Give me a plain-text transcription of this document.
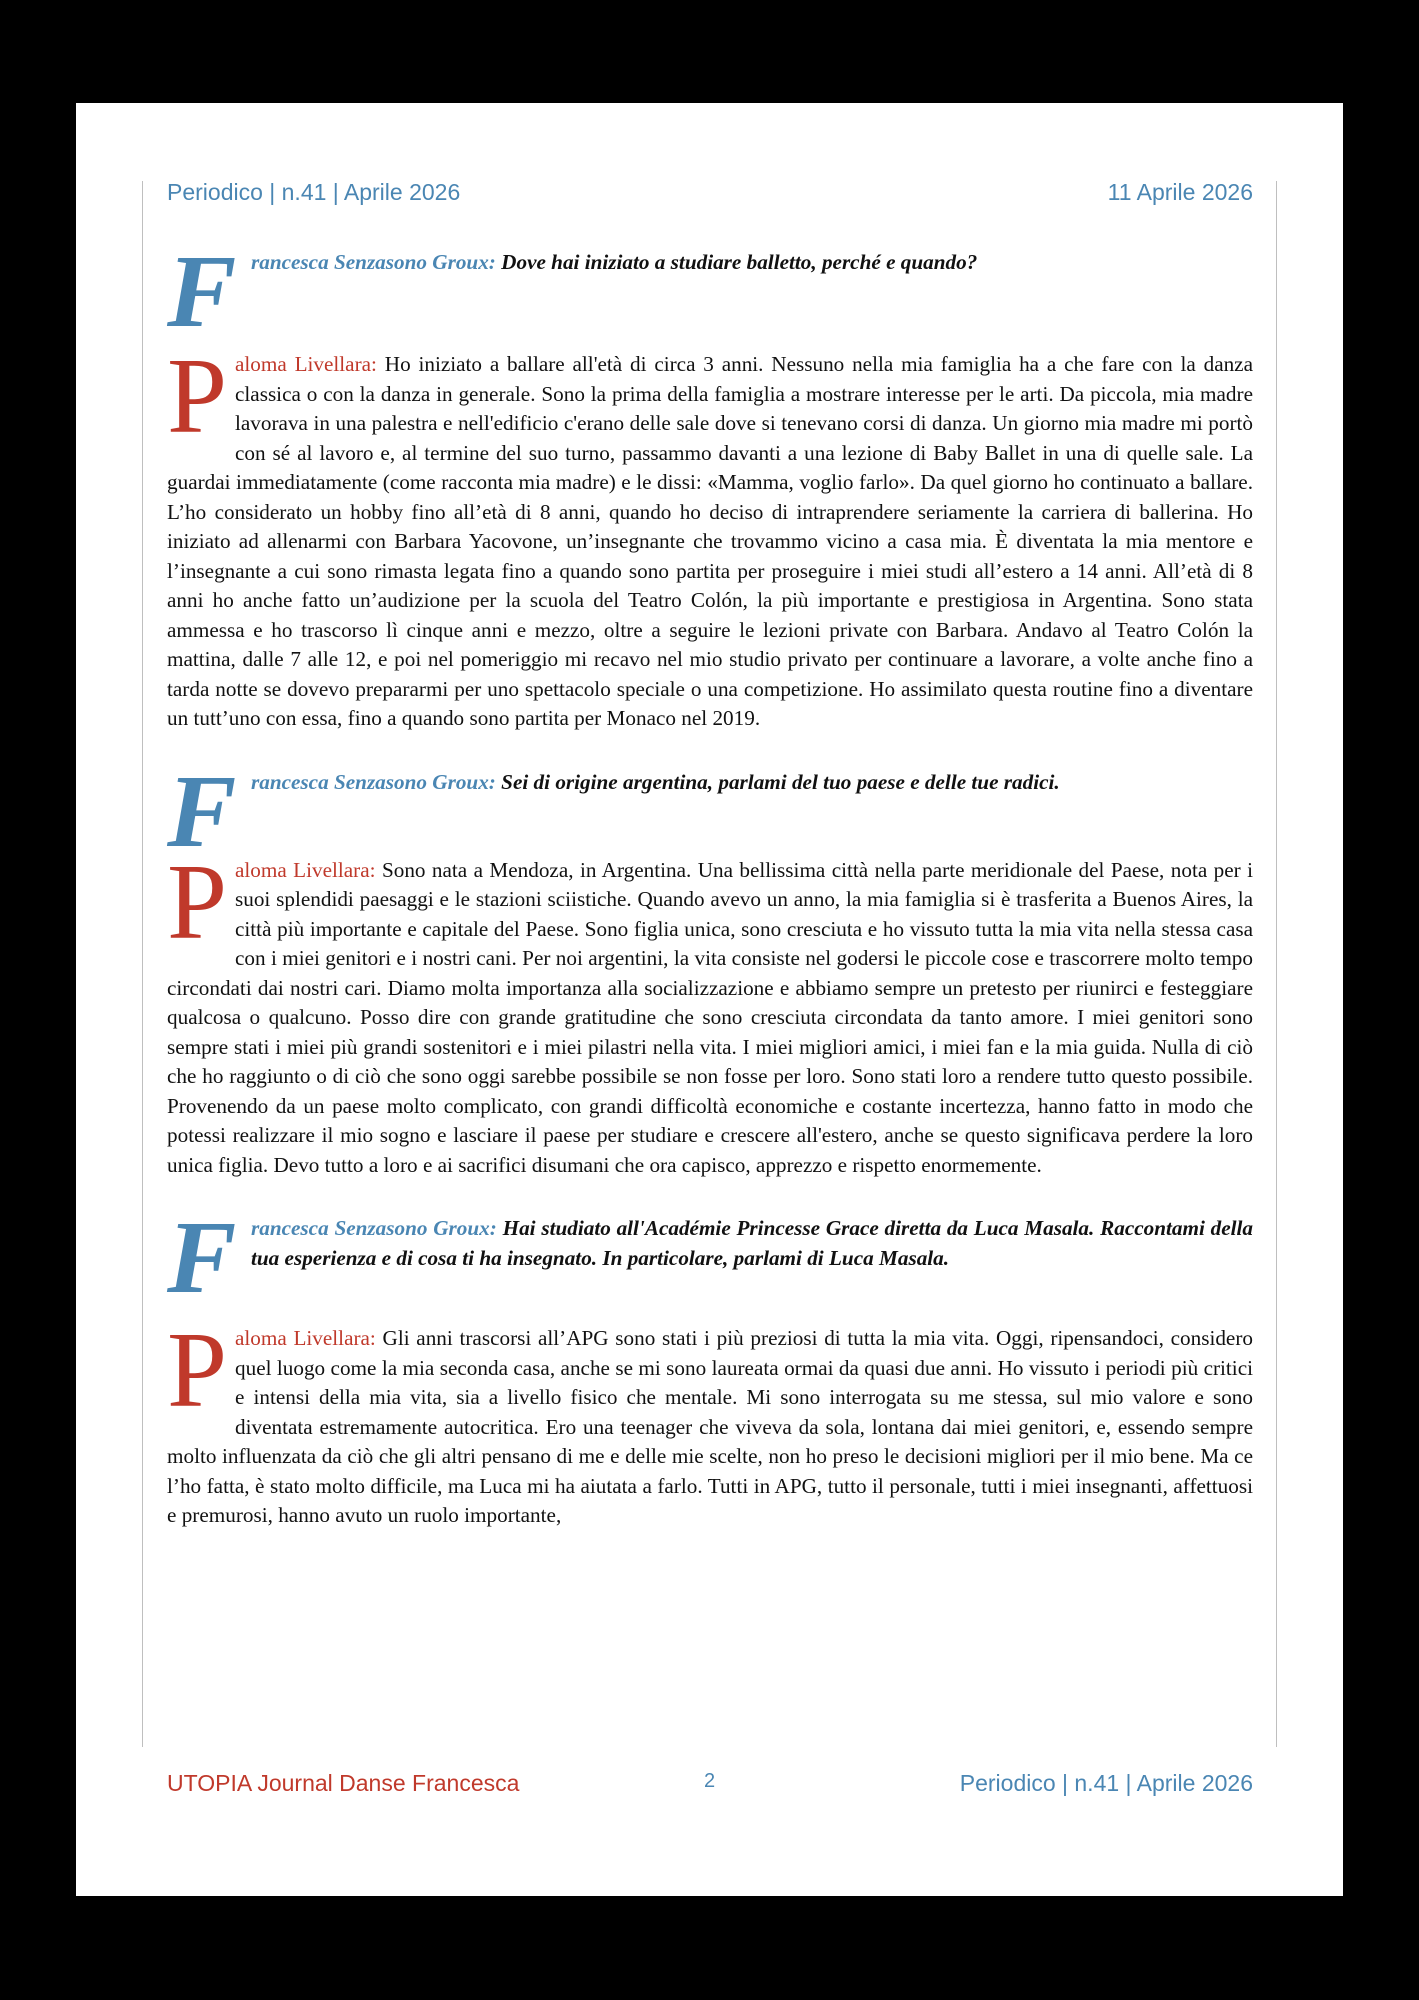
Periodico | n.41 | Aprile 2026	11 Aprile 2026

F rancesca Senzasono Groux: Dove hai iniziato a studiare balletto, perché e quando?

P aloma Livellara: Ho iniziato a ballare all'età di circa 3 anni. Nessuno nella mia famiglia ha a che fare con la danza classica o con la danza in generale. Sono la prima della famiglia a mostrare interesse per le arti. Da piccola, mia madre lavorava in una palestra e nell'edificio c'erano delle sale dove si tenevano corsi di danza. Un giorno mia madre mi portò con sé al lavoro e, al termine del suo turno, passammo davanti a una lezione di Baby Ballet in una di quelle sale. La guardai immediatamente (come racconta mia madre) e le dissi: «Mamma, voglio farlo». Da quel giorno ho continuato a ballare. L’ho considerato un hobby fino all’età di 8 anni, quando ho deciso di intraprendere seriamente la carriera di ballerina. Ho iniziato ad allenarmi con Barbara Yacovone, un’insegnante che trovammo vicino a casa mia. È diventata la mia mentore e l’insegnante a cui sono rimasta legata fino a quando sono partita per proseguire i miei studi all’estero a 14 anni. All’età di 8 anni ho anche fatto un’audizione per la scuola del Teatro Colón, la più importante e prestigiosa in Argentina. Sono stata ammessa e ho trascorso lì cinque anni e mezzo, oltre a seguire le lezioni private con Barbara. Andavo al Teatro Colón la mattina, dalle 7 alle 12, e poi nel pomeriggio mi recavo nel mio studio privato per continuare a lavorare, a volte anche fino a tarda notte se dovevo prepararmi per uno spettacolo speciale o una competizione. Ho assimilato questa routine fino a diventare un tutt’uno con essa, fino a quando sono partita per Monaco nel 2019.

F rancesca Senzasono Groux: Sei di origine argentina, parlami del tuo paese e delle tue radici.

P aloma Livellara: Sono nata a Mendoza, in Argentina. Una bellissima città nella parte meridionale del Paese, nota per i suoi splendidi paesaggi e le stazioni sciistiche. Quando avevo un anno, la mia famiglia si è trasferita a Buenos Aires, la città più importante e capitale del Paese. Sono figlia unica, sono cresciuta e ho vissuto tutta la mia vita nella stessa casa con i miei genitori e i nostri cani. Per noi argentini, la vita consiste nel godersi le piccole cose e trascorrere molto tempo circondati dai nostri cari. Diamo molta importanza alla socializzazione e abbiamo sempre un pretesto per riunirci e festeggiare qualcosa o qualcuno. Posso dire con grande gratitudine che sono cresciuta circondata da tanto amore. I miei genitori sono sempre stati i miei più grandi sostenitori e i miei pilastri nella vita. I miei migliori amici, i miei fan e la mia guida. Nulla di ciò che ho raggiunto o di ciò che sono oggi sarebbe possibile se non fosse per loro. Sono stati loro a rendere tutto questo possibile. Provenendo da un paese molto complicato, con grandi difficoltà economiche e costante incertezza, hanno fatto in modo che potessi realizzare il mio sogno e lasciare il paese per studiare e crescere all'estero, anche se questo significava perdere la loro unica figlia. Devo tutto a loro e ai sacrifici disumani che ora capisco, apprezzo e rispetto enormemente.

F rancesca Senzasono Groux: Hai studiato all'Académie Princesse Grace diretta da Luca Masala. Raccontami della tua esperienza e di cosa ti ha insegnato. In particolare, parlami di Luca Masala.

P aloma Livellara: Gli anni trascorsi all’APG sono stati i più preziosi di tutta la mia vita. Oggi, ripensandoci, considero quel luogo come la mia seconda casa, anche se mi sono laureata ormai da quasi due anni. Ho vissuto i periodi più critici e intensi della mia vita, sia a livello fisico che mentale. Mi sono interrogata su me stessa, sul mio valore e sono diventata estremamente autocritica. Ero una teenager che viveva da sola, lontana dai miei genitori, e, essendo sempre molto influenzata da ciò che gli altri pensano di me e delle mie scelte, non ho preso le decisioni migliori per il mio bene. Ma ce l’ho fatta, è stato molto difficile, ma Luca mi ha aiutata a farlo. Tutti in APG, tutto il personale, tutti i miei insegnanti, affettuosi e premurosi, hanno avuto un ruolo importante,

UTOPIA Journal Danse Francesca	2	Periodico | n.41 | Aprile 2026
